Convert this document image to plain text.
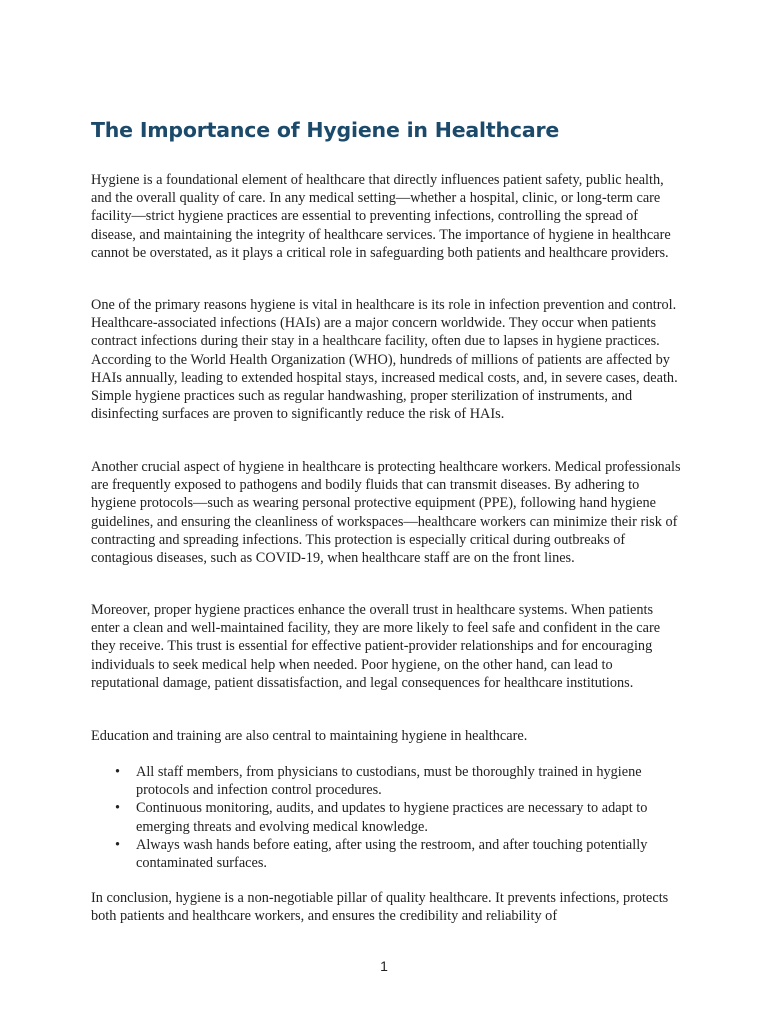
The Importance of Hygiene in Healthcare

Hygiene is a foundational element of healthcare that directly influences patient safety, public health, and the overall quality of care. In any medical setting—whether a hospital, clinic, or long-term care facility—strict hygiene practices are essential to preventing infections, controlling the spread of disease, and maintaining the integrity of healthcare services. The importance of hygiene in healthcare cannot be overstated, as it plays a critical role in safeguarding both patients and healthcare providers.

One of the primary reasons hygiene is vital in healthcare is its role in infection prevention and control. Healthcare-associated infections (HAIs) are a major concern worldwide. They occur when patients contract infections during their stay in a healthcare facility, often due to lapses in hygiene practices. According to the World Health Organization (WHO), hundreds of millions of patients are affected by HAIs annually, leading to extended hospital stays, increased medical costs, and, in severe cases, death. Simple hygiene practices such as regular handwashing, proper sterilization of instruments, and disinfecting surfaces are proven to significantly reduce the risk of HAIs.

Another crucial aspect of hygiene in healthcare is protecting healthcare workers. Medical professionals are frequently exposed to pathogens and bodily fluids that can transmit diseases. By adhering to hygiene protocols—such as wearing personal protective equipment (PPE), following hand hygiene guidelines, and ensuring the cleanliness of workspaces—healthcare workers can minimize their risk of contracting and spreading infections. This protection is especially critical during outbreaks of contagious diseases, such as COVID-19, when healthcare staff are on the front lines.

Moreover, proper hygiene practices enhance the overall trust in healthcare systems. When patients enter a clean and well-maintained facility, they are more likely to feel safe and confident in the care they receive. This trust is essential for effective patient-provider relationships and for encouraging individuals to seek medical help when needed. Poor hygiene, on the other hand, can lead to reputational damage, patient dissatisfaction, and legal consequences for healthcare institutions.

Education and training are also central to maintaining hygiene in healthcare.

• All staff members, from physicians to custodians, must be thoroughly trained in hygiene protocols and infection control procedures.
• Continuous monitoring, audits, and updates to hygiene practices are necessary to adapt to emerging threats and evolving medical knowledge.
• Always wash hands before eating, after using the restroom, and after touching potentially contaminated surfaces.

In conclusion, hygiene is a non-negotiable pillar of quality healthcare. It prevents infections, protects both patients and healthcare workers, and ensures the credibility and reliability of

1
